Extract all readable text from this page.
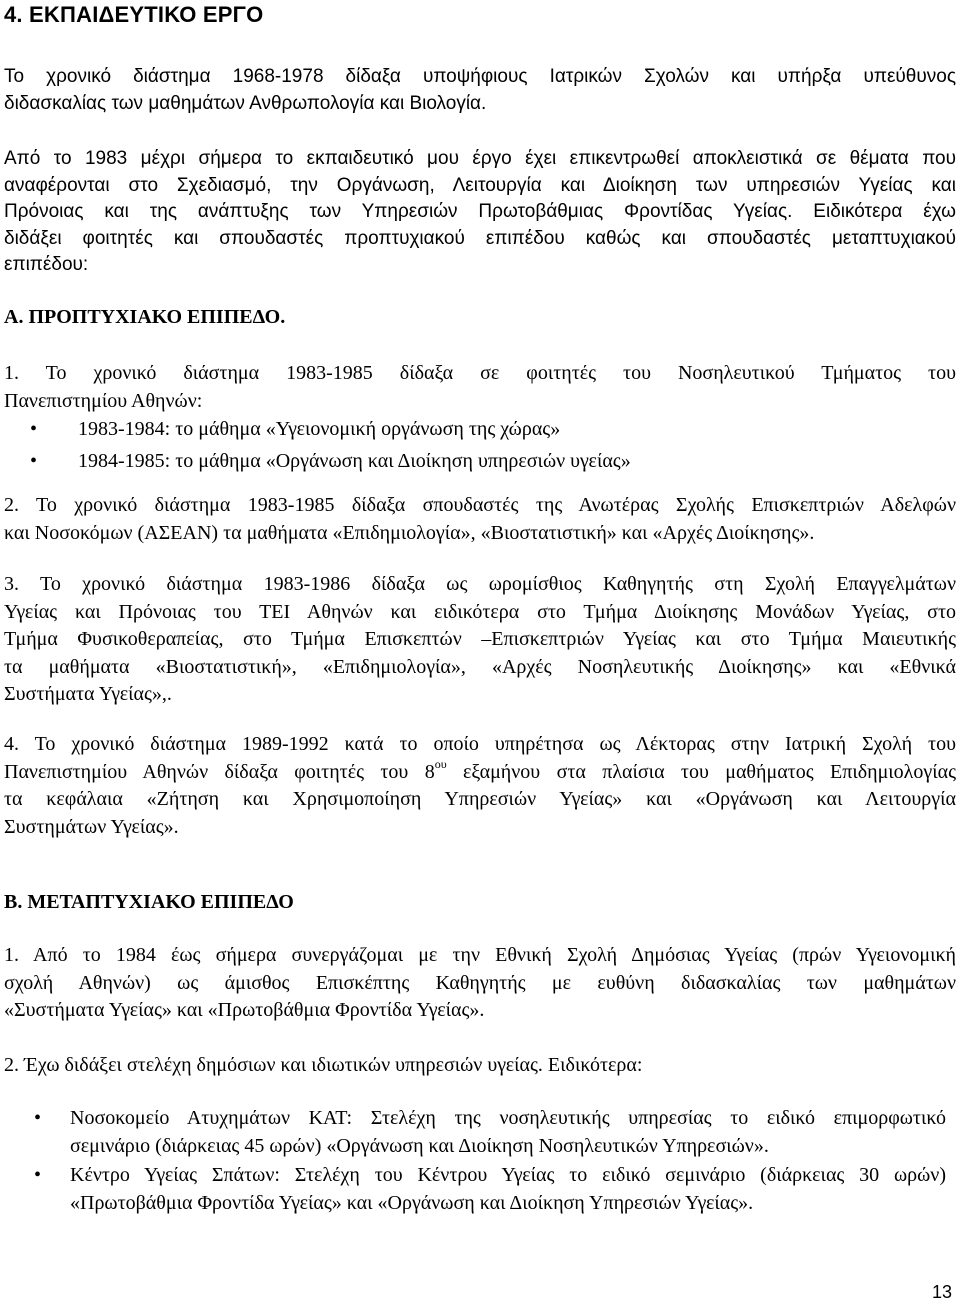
4. ΕΚΠΑΙΔΕΥΤΙΚΟ ΕΡΓΟ
Το χρονικό διάστημα 1968-1978 δίδαξα υποψήφιους Ιατρικών Σχολών και υπήρξα υπεύθυνος
διδασκαλίας των μαθημάτων Ανθρωπολογία και Βιολογία.
Από το 1983 μέχρι σήμερα το εκπαιδευτικό μου έργο έχει επικεντρωθεί αποκλειστικά σε θέματα που
αναφέρονται στο Σχεδιασμό, την Οργάνωση, Λειτουργία και Διοίκηση των υπηρεσιών Υγείας και
Πρόνοιας και της ανάπτυξης των Υπηρεσιών Πρωτοβάθμιας Φροντίδας Υγείας. Ειδικότερα έχω
διδάξει φοιτητές και σπουδαστές προπτυχιακού επιπέδου καθώς και σπουδαστές μεταπτυχιακού
επιπέδου:
Α. ΠΡΟΠΤΥΧΙΑΚΟ ΕΠΙΠΕΔΟ.
1. Το χρονικό διάστημα 1983-1985 δίδαξα σε φοιτητές του Νοσηλευτικού Τμήματος του
Πανεπιστημίου Αθηνών:
• 1983-1984: το μάθημα «Υγειονομική οργάνωση της χώρας»
• 1984-1985: το μάθημα «Οργάνωση και Διοίκηση υπηρεσιών υγείας»
2. Το χρονικό διάστημα 1983-1985 δίδαξα σπουδαστές της Ανωτέρας Σχολής Επισκεπτριών Αδελφών
και Νοσοκόμων (ΑΣΕΑΝ) τα μαθήματα «Επιδημιολογία», «Βιοστατιστική» και «Αρχές Διοίκησης».
3. Το χρονικό διάστημα 1983-1986 δίδαξα ως ωρομίσθιος Καθηγητής στη Σχολή Επαγγελμάτων
Υγείας και Πρόνοιας του ΤΕΙ Αθηνών και ειδικότερα στο Τμήμα Διοίκησης Μονάδων Υγείας, στο
Τμήμα Φυσικοθεραπείας, στο Τμήμα Επισκεπτών –Επισκεπτριών Υγείας και στο Τμήμα Μαιευτικής
τα μαθήματα «Βιοστατιστική», «Επιδημιολογία», «Αρχές Νοσηλευτικής Διοίκησης» και «Εθνικά
Συστήματα Υγείας»,.
4. Το χρονικό διάστημα 1989-1992 κατά το οποίο υπηρέτησα ως Λέκτορας στην Ιατρική Σχολή του
Πανεπιστημίου Αθηνών δίδαξα φοιτητές του $8^{o\upsilon}$ εξαμήνου στα πλαίσια του μαθήματος Επιδημιολογίας
τα κεφάλαια «Ζήτηση και Χρησιμοποίηση Υπηρεσιών Υγείας» και «Οργάνωση και Λειτουργία
Συστημάτων Υγείας».
Β. ΜΕΤΑΠΤΥΧΙΑΚΟ ΕΠΙΠΕΔΟ
1. Από το 1984 έως σήμερα συνεργάζομαι με την Εθνική Σχολή Δημόσιας Υγείας (πρών Υγειονομική
σχολή Αθηνών) ως άμισθος Επισκέπτης Καθηγητής με ευθύνη διδασκαλίας των μαθημάτων
«Συστήματα Υγείας» και «Πρωτοβάθμια Φροντίδα Υγείας».
2. Έχω διδάξει στελέχη δημόσιων και ιδιωτικών υπηρεσιών υγείας. Ειδικότερα:
• Νοσοκομείο Ατυχημάτων ΚΑΤ: Στελέχη της νοσηλευτικής υπηρεσίας το ειδικό επιμορφωτικό
σεμινάριο (διάρκειας 45 ωρών) «Οργάνωση και Διοίκηση Νοσηλευτικών Υπηρεσιών».
• Κέντρο Υγείας Σπάτων: Στελέχη του Κέντρου Υγείας το ειδικό σεμινάριο (διάρκειας 30 ωρών)
«Πρωτοβάθμια Φροντίδα Υγείας» και «Οργάνωση και Διοίκηση Υπηρεσιών Υγείας».
13
